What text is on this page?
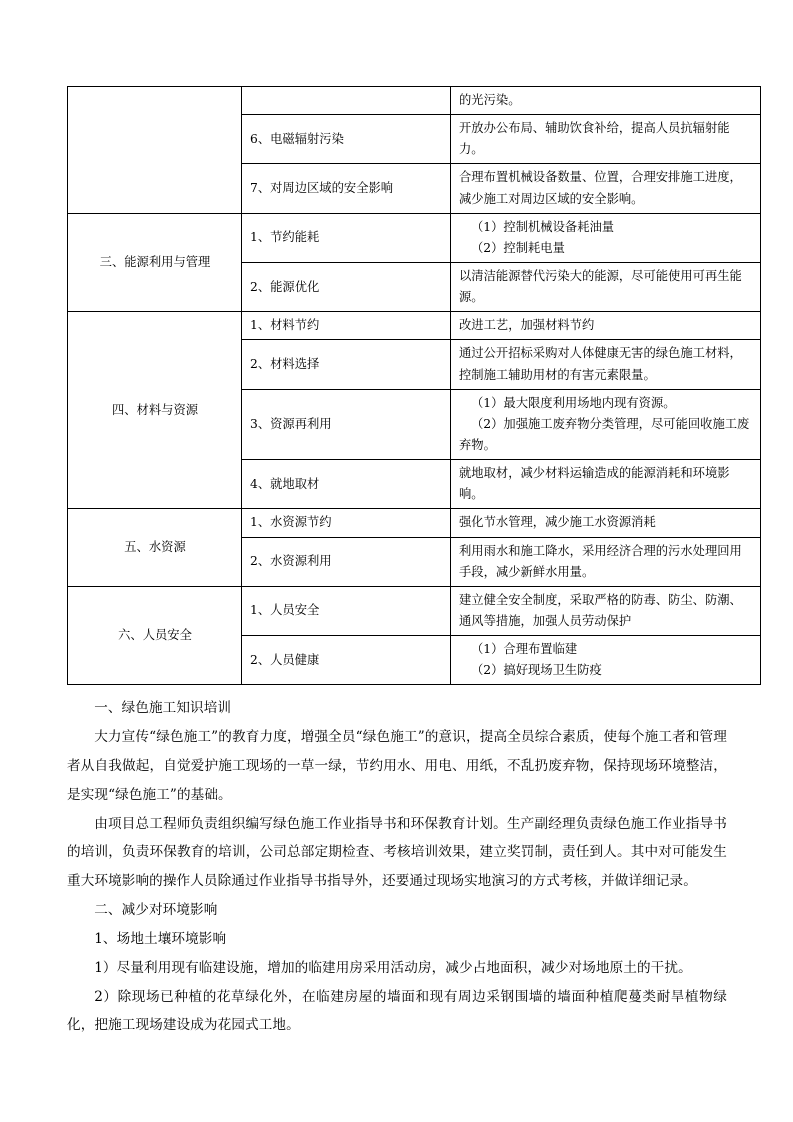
		的光污染。

	6、电磁辐射污染	开放办公布局、辅助饮食补给，提高人员抗辐射能力。

	7、对周边区域的安全影响	合理布置机械设备数量、位置，合理安排施工进度，减少施工对周边区域的安全影响。

三、能源利用与管理	1、节约能耗	（1）控制机械设备耗油量
（2）控制耗电量

	2、能源优化	以清洁能源替代污染大的能源，尽可能使用可再生能源。

四、材料与资源	1、材料节约	改进工艺，加强材料节约

	2、材料选择	通过公开招标采购对人体健康无害的绿色施工材料，控制施工辅助用材的有害元素限量。

	3、资源再利用	（1）最大限度利用场地内现有资源。
（2）加强施工废弃物分类管理，尽可能回收施工废弃物。

	4、就地取材	就地取材，减少材料运输造成的能源消耗和环境影响。

五、水资源	1、水资源节约	强化节水管理，减少施工水资源消耗

	2、水资源利用	利用雨水和施工降水，采用经济合理的污水处理回用手段，减少新鲜水用量。

六、人员安全	1、人员安全	建立健全安全制度，采取严格的防毒、防尘、防潮、通风等措施，加强人员劳动保护

	2、人员健康	（1）合理布置临建
（2）搞好现场卫生防疫

一、绿色施工知识培训

大力宣传“绿色施工”的教育力度，增强全员“绿色施工”的意识，提高全员综合素质，使每个施工者和管理者从自我做起，自觉爱护施工现场的一草一绿，节约用水、用电、用纸，不乱扔废弃物，保持现场环境整洁，是实现“绿色施工”的基础。

由项目总工程师负责组织编写绿色施工作业指导书和环保教育计划。生产副经理负责绿色施工作业指导书的培训，负责环保教育的培训，公司总部定期检查、考核培训效果，建立奖罚制，责任到人。其中对可能发生重大环境影响的操作人员除通过作业指导书指导外，还要通过现场实地演习的方式考核，并做详细记录。

二、减少对环境影响

1、场地土壤环境影响

1）尽量利用现有临建设施，增加的临建用房采用活动房，减少占地面积，减少对场地原土的干扰。

2）除现场已种植的花草绿化外，在临建房屋的墙面和现有周边采钢围墙的墙面种植爬蔓类耐旱植物绿化，把施工现场建设成为花园式工地。
